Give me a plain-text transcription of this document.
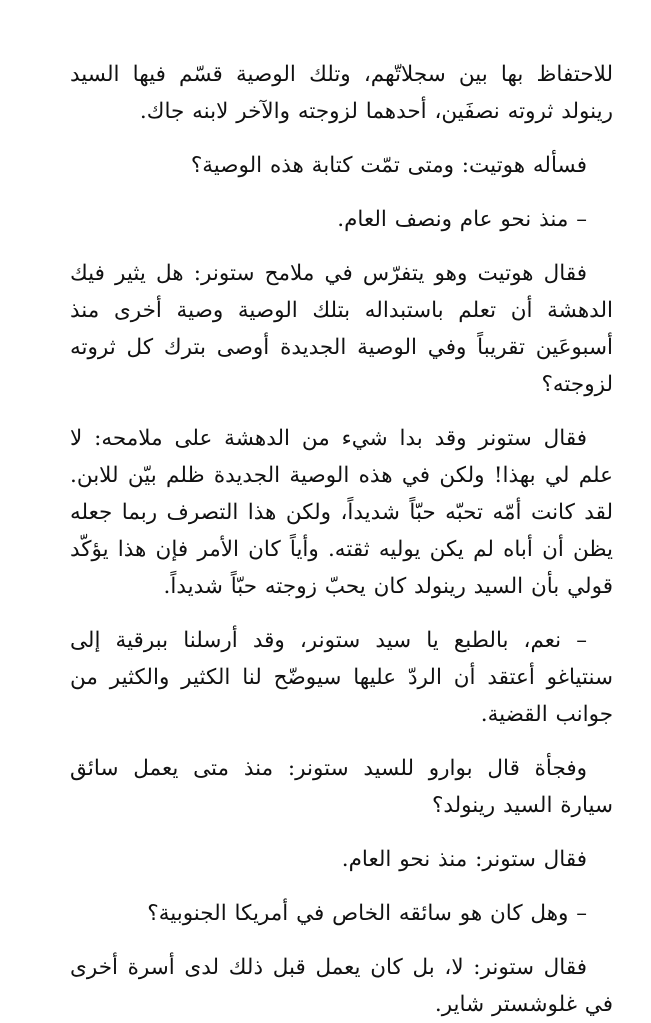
للاحتفاظ بها بين سجلاتّهم، وتلك الوصية قسّم فيها السيد رينولد ثروته نصفَين، أحدهما لزوجته والآخر لابنه جاك.

فسأله هوتيت: ومتى تمّت كتابة هذه الوصية؟

– منذ نحو عام ونصف العام.

فقال هوتيت وهو يتفرّس في ملامح ستونر: هل يثير فيك الدهشة أن تعلم باستبداله بتلك الوصية وصية أخرى منذ أسبوعَين تقريباً وفي الوصية الجديدة أوصى بترك كل ثروته لزوجته؟

فقال ستونر وقد بدا شيء من الدهشة على ملامحه: لا علم لي بهذا! ولكن في هذه الوصية الجديدة ظلم بيّن للابن. لقد كانت أمّه تحبّه حبّاً شديداً، ولكن هذا التصرف ربما جعله يظن أن أباه لم يكن يوليه ثقته. وأياً كان الأمر فإن هذا يؤكّد قولي بأن السيد رينولد كان يحبّ زوجته حبّاً شديداً.

– نعم، بالطبع يا سيد ستونر، وقد أرسلنا ببرقية إلى سنتياغو أعتقد أن الردّ عليها سيوضّح لنا الكثير والكثير من جوانب القضية.

وفجأة قال بوارو للسيد ستونر: منذ متى يعمل سائق سيارة السيد رينولد؟

فقال ستونر: منذ نحو العام.

– وهل كان هو سائقه الخاص في أمريكا الجنوبية؟

فقال ستونر: لا، بل كان يعمل قبل ذلك لدى أسرة أخرى في غلوشستر شاير.
